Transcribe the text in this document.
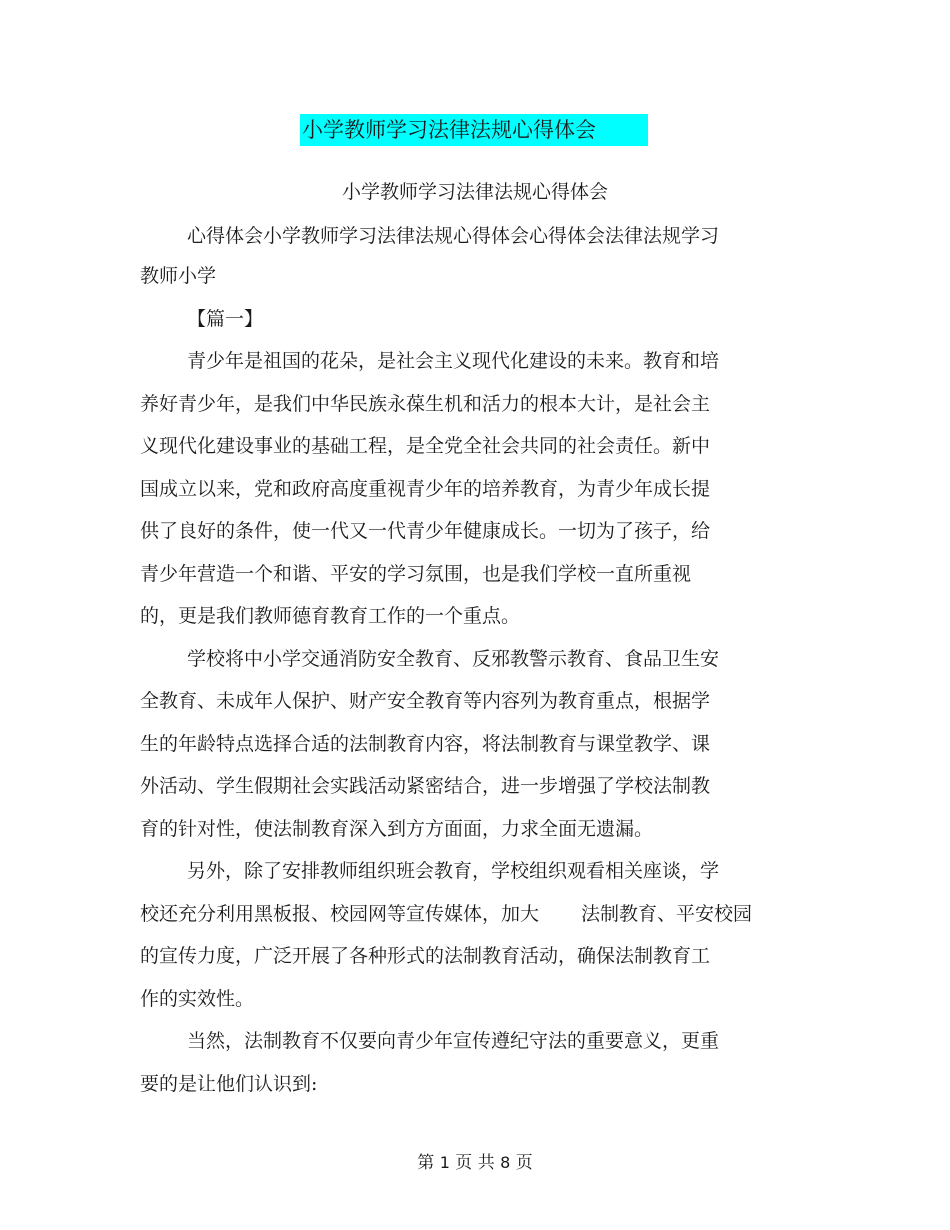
小学教师学习法律法规心得体会
小学教师学习法律法规心得体会
心得体会小学教师学习法律法规心得体会心得体会法律法规学习
教师小学
【篇一】
青少年是祖国的花朵，是社会主义现代化建设的未来。教育和培
养好青少年，是我们中华民族永葆生机和活力的根本大计，是社会主
义现代化建设事业的基础工程，是全党全社会共同的社会责任。新中
国成立以来，党和政府高度重视青少年的培养教育，为青少年成长提
供了良好的条件，使一代又一代青少年健康成长。一切为了孩子，给
青少年营造一个和谐、平安的学习氛围，也是我们学校一直所重视
的，更是我们教师德育教育工作的一个重点。
学校将中小学交通消防安全教育、反邪教警示教育、食品卫生安
全教育、未成年人保护、财产安全教育等内容列为教育重点，根据学
生的年龄特点选择合适的法制教育内容，将法制教育与课堂教学、课
外活动、学生假期社会实践活动紧密结合，进一步增强了学校法制教
育的针对性，使法制教育深入到方方面面，力求全面无遗漏。
另外，除了安排教师组织班会教育，学校组织观看相关座谈，学
校还充分利用黑板报、校园网等宣传媒体，加大 法制教育、平安校园
的宣传力度，广泛开展了各种形式的法制教育活动，确保法制教育工
作的实效性。
当然，法制教育不仅要向青少年宣传遵纪守法的重要意义，更重
要的是让他们认识到:
第 1 页 共 8 页
